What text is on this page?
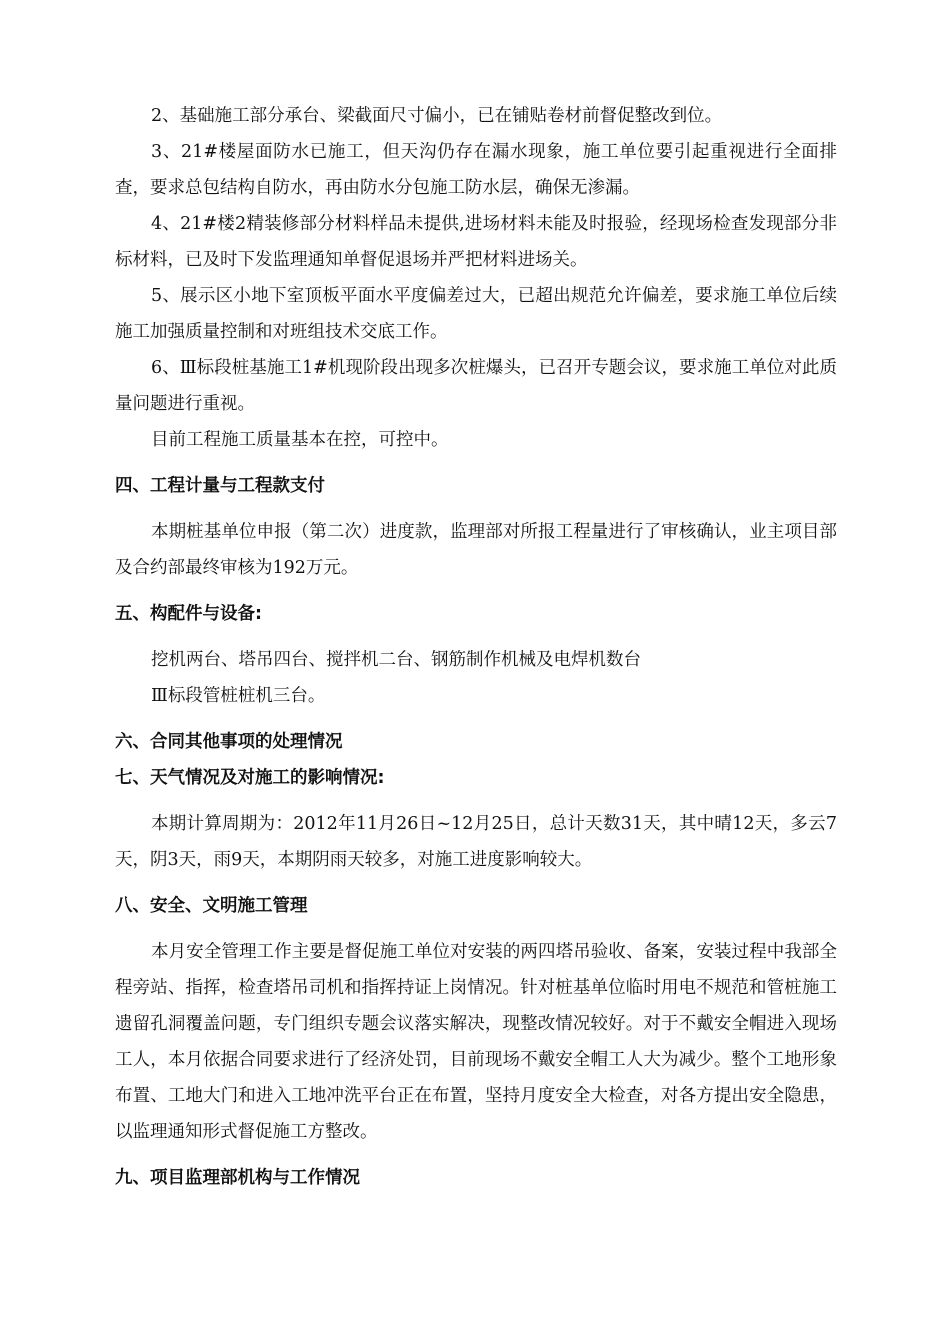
2、基础施工部分承台、梁截面尺寸偏小，已在铺贴卷材前督促整改到位。

3、21#楼屋面防水已施工，但天沟仍存在漏水现象，施工单位要引起重视进行全面排查，要求总包结构自防水，再由防水分包施工防水层，确保无渗漏。

4、21#楼2精装修部分材料样品未提供,进场材料未能及时报验，经现场检查发现部分非标材料，已及时下发监理通知单督促退场并严把材料进场关。

5、展示区小地下室顶板平面水平度偏差过大，已超出规范允许偏差，要求施工单位后续施工加强质量控制和对班组技术交底工作。

6、Ⅲ标段桩基施工1#机现阶段出现多次桩爆头，已召开专题会议，要求施工单位对此质量问题进行重视。

目前工程施工质量基本在控，可控中。

四、工程计量与工程款支付

本期桩基单位申报（第二次）进度款，监理部对所报工程量进行了审核确认，业主项目部及合约部最终审核为192万元。

五、构配件与设备:

挖机两台、塔吊四台、搅拌机二台、钢筋制作机械及电焊机数台

Ⅲ标段管桩桩机三台。

六、合同其他事项的处理情况
七、天气情况及对施工的影响情况:

本期计算周期为：2012年11月26日~12月25日，总计天数31天，其中晴12天，多云7天，阴3天，雨9天，本期阴雨天较多，对施工进度影响较大。

八、安全、文明施工管理

本月安全管理工作主要是督促施工单位对安装的两四塔吊验收、备案，安装过程中我部全程旁站、指挥，检查塔吊司机和指挥持证上岗情况。针对桩基单位临时用电不规范和管桩施工遗留孔洞覆盖问题，专门组织专题会议落实解决，现整改情况较好。对于不戴安全帽进入现场工人，本月依据合同要求进行了经济处罚，目前现场不戴安全帽工人大为减少。整个工地形象布置、工地大门和进入工地冲洗平台正在布置，坚持月度安全大检查，对各方提出安全隐患，以监理通知形式督促施工方整改。

九、项目监理部机构与工作情况
